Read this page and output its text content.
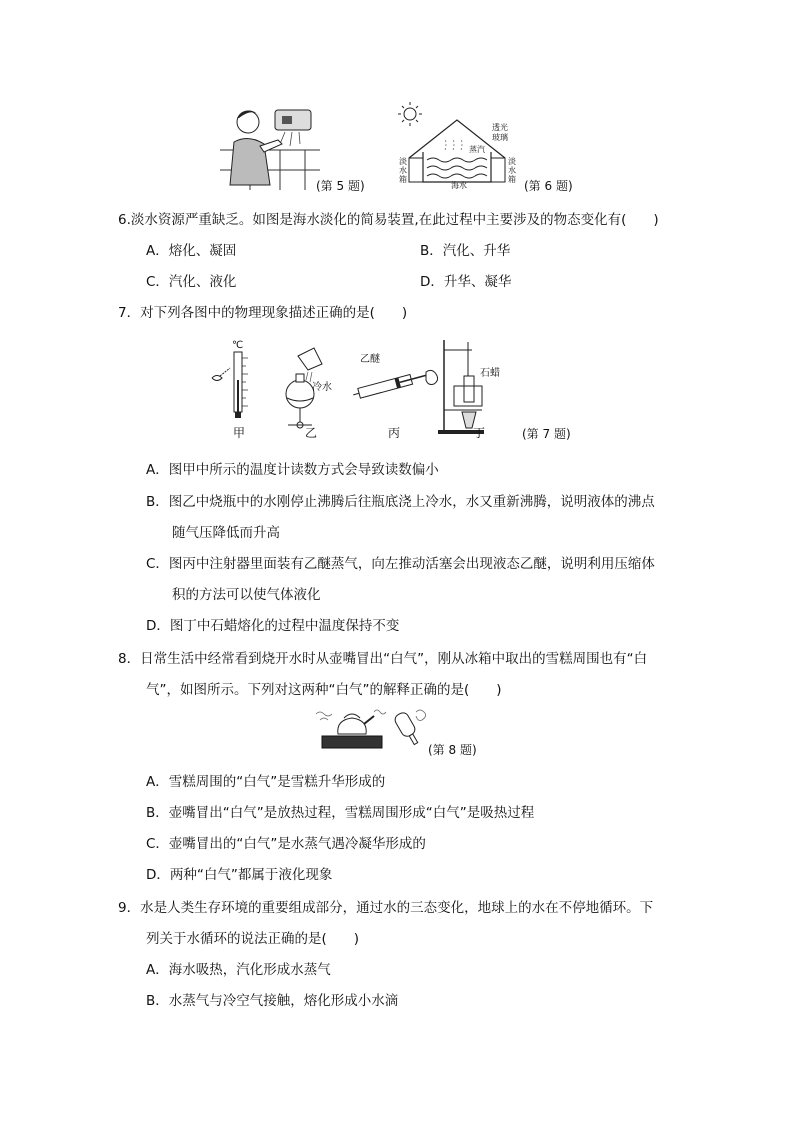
(第 5 题)
蒸汽
海水
透光
玻璃
淡
水
箱
淡
水
箱 (第 6 题)
6.淡水资源严重缺乏。如图是海水淡化的简易装置,在此过程中主要涉及的物态变化有(　　)
A．熔化、凝固	B．汽化、升华
C．汽化、液化	D．升华、凝华
7．对下列各图中的物理现象描述正确的是(　　)
℃
冷水
乙醚
石蜡
甲	乙	丙	丁	(第 7 题)
A．图甲中所示的温度计读数方式会导致读数偏小
B．图乙中烧瓶中的水刚停止沸腾后往瓶底浇上冷水，水又重新沸腾，说明液体的沸点
随气压降低而升高
C．图丙中注射器里面装有乙醚蒸气，向左推动活塞会出现液态乙醚，说明利用压缩体
积的方法可以使气体液化
D．图丁中石蜡熔化的过程中温度保持不变
8．日常生活中经常看到烧开水时从壶嘴冒出“白气”，刚从冰箱中取出的雪糕周围也有“白
气”，如图所示。下列对这两种“白气”的解释正确的是(　　)
(第 8 题)
A．雪糕周围的“白气”是雪糕升华形成的
B．壶嘴冒出“白气”是放热过程，雪糕周围形成“白气”是吸热过程
C．壶嘴冒出的“白气”是水蒸气遇冷凝华形成的
D．两种“白气”都属于液化现象
9．水是人类生存环境的重要组成部分，通过水的三态变化，地球上的水在不停地循环。下
列关于水循环的说法正确的是(　　)
A．海水吸热，汽化形成水蒸气
B．水蒸气与冷空气接触，熔化形成小水滴
